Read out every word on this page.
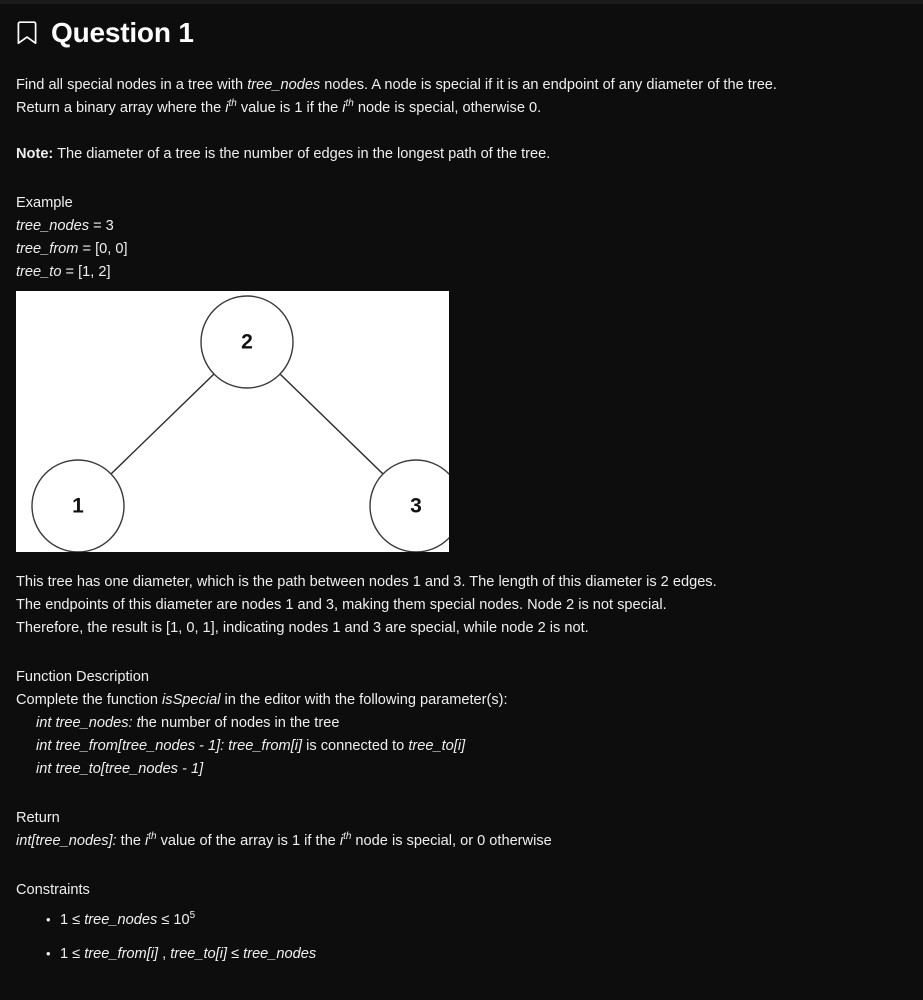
Question 1

Find all special nodes in a tree with tree_nodes nodes. A node is special if it is an endpoint of any diameter of the tree.

Return a binary array where the $i^{th}$ value is 1 if the $i^{th}$ node is special, otherwise 0.

Note: The diameter of a tree is the number of edges in the longest path of the tree.

Example

tree_nodes = 3

tree_from = [0, 0]

tree_to = [1, 2]

2
1	3

This tree has one diameter, which is the path between nodes 1 and 3. The length of this diameter is 2 edges.

The endpoints of this diameter are nodes 1 and 3, making them special nodes. Node 2 is not special.

Therefore, the result is [1, 0, 1], indicating nodes 1 and 3 are special, while node 2 is not.

Function Description

Complete the function isSpecial in the editor with the following parameter(s):

int tree_nodes: the number of nodes in the tree

int tree_from[tree_nodes - 1]: tree_from[i] is connected to tree_to[i]

int tree_to[tree_nodes - 1]

Return

int[tree_nodes]: the $i^{th}$ value of the array is 1 if the $i^{th}$ node is special, or 0 otherwise

Constraints

• 1 ≤ tree_nodes ≤ $10^5$
• 1 ≤ tree_from[i] , tree_to[i] ≤ tree_nodes
